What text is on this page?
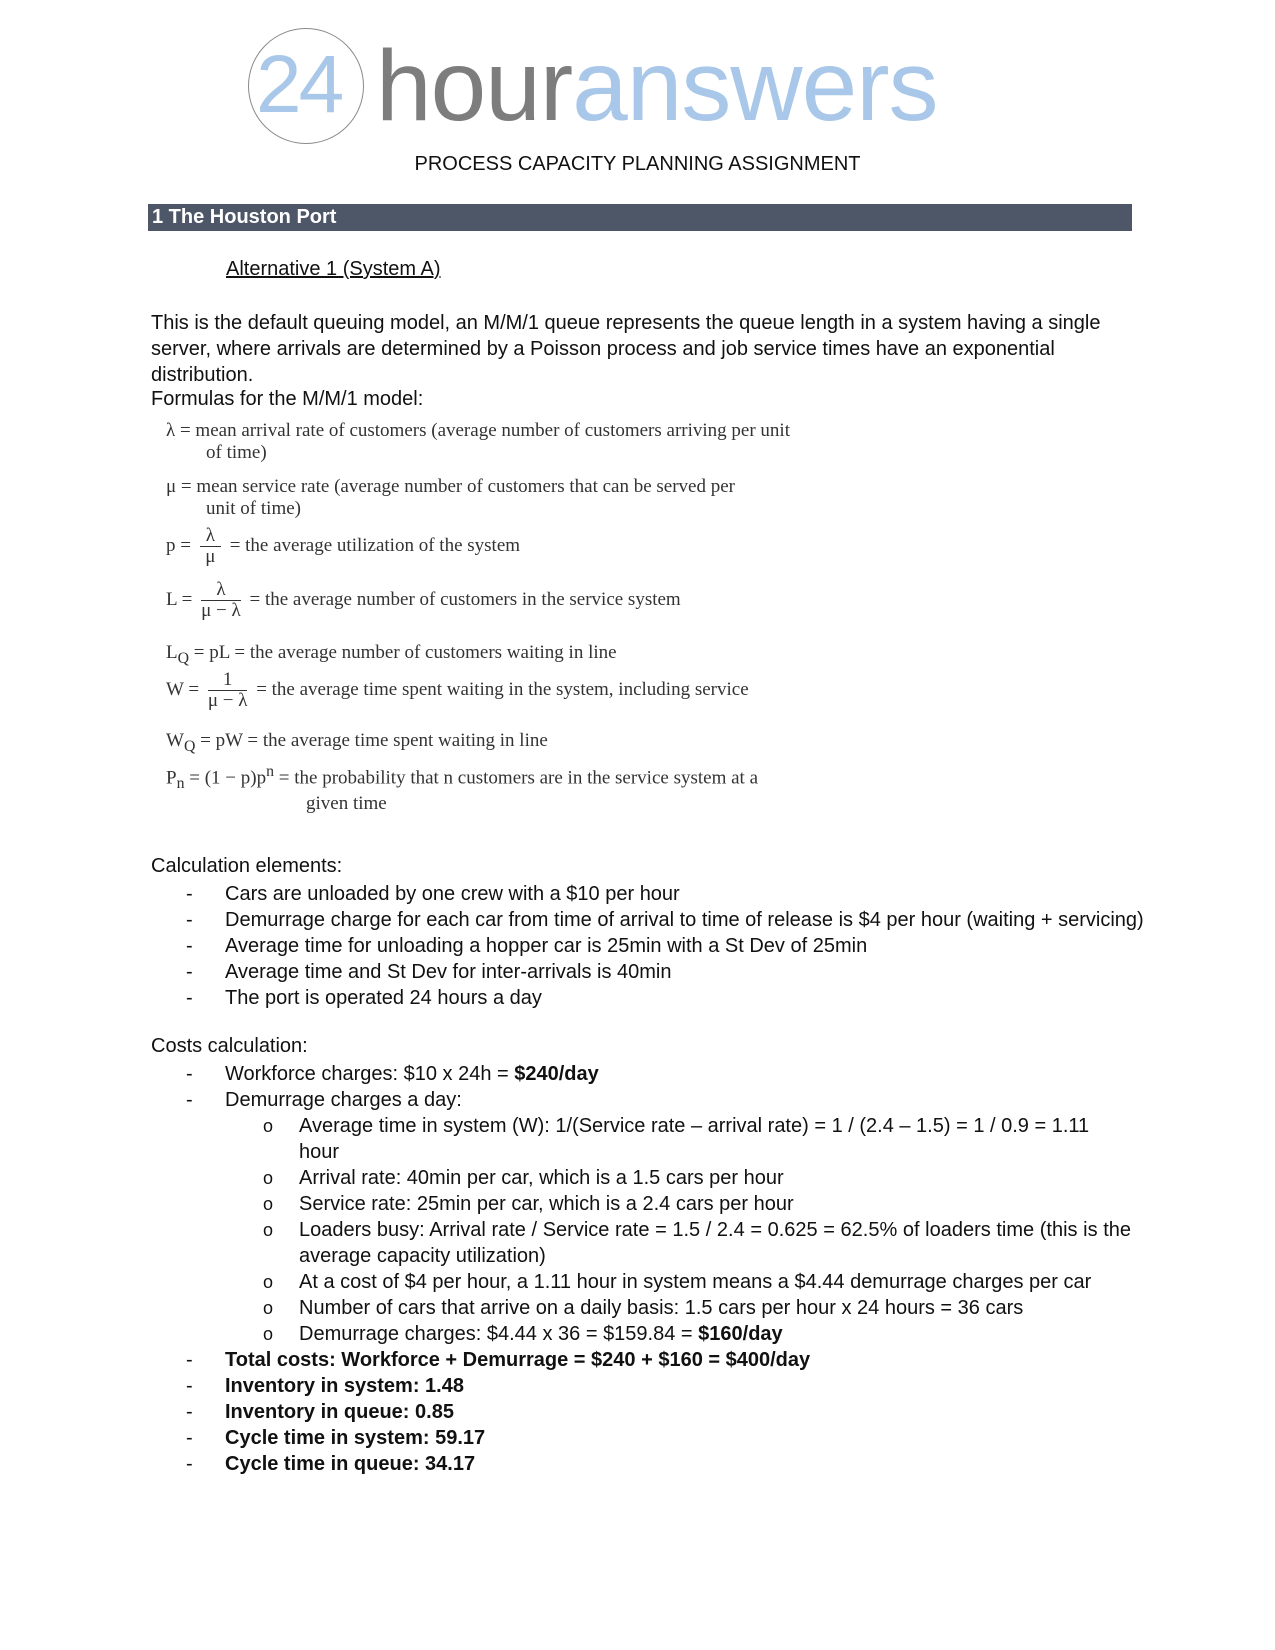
24 houranswers
PROCESS CAPACITY PLANNING ASSIGNMENT
1 The Houston Port
Alternative 1 (System A)

This is the default queuing model, an M/M/1 queue represents the queue length in a system having a single server, where arrivals are determined by a Poisson process and job service times have an exponential distribution.

Formulas for the M/M/1 model:
λ = mean arrival rate of customers (average number of customers arriving per unit
of time)
μ = mean service rate (average number of customers that can be served per
unit of time)
$p = \frac{\lambda}{\mu}$ = the average utilization of the system
$L = \frac{\lambda}{\mu - \lambda}$ = the average number of customers in the service system
$L_Q$ = pL = the average number of customers waiting in line
$W = \frac{1}{\mu - \lambda}$ = the average time spent waiting in the system, including service
$W_Q$ = pW = the average time spent waiting in line
$P_n = (1 - p)p^n$ = the probability that n customers are in the service system at a
given time
Calculation elements:
- Cars are unloaded by one crew with a $10 per hour
- Demurrage charge for each car from time of arrival to time of release is $4 per hour (waiting + servicing)
- Average time for unloading a hopper car is 25min with a St Dev of 25min
- Average time and St Dev for inter-arrivals is 40min
- The port is operated 24 hours a day
Costs calculation:
- Workforce charges: $10 x 24h = $240/day
- Demurrage charges a day:
o Average time in system (W): 1/(Service rate – arrival rate) = 1 / (2.4 – 1.5) = 1 / 0.9 = 1.11 hour
o Arrival rate: 40min per car, which is a 1.5 cars per hour
o Service rate: 25min per car, which is a 2.4 cars per hour
o Loaders busy: Arrival rate / Service rate = 1.5 / 2.4 = 0.625 = 62.5% of loaders time (this is the average capacity utilization)
o At a cost of $4 per hour, a 1.11 hour in system means a $4.44 demurrage charges per car
o Number of cars that arrive on a daily basis: 1.5 cars per hour x 24 hours = 36 cars
o Demurrage charges: $4.44 x 36 = $159.84 = $160/day
- Total costs: Workforce + Demurrage = $240 + $160 = $400/day
- Inventory in system: 1.48
- Inventory in queue: 0.85
- Cycle time in system: 59.17
- Cycle time in queue: 34.17
